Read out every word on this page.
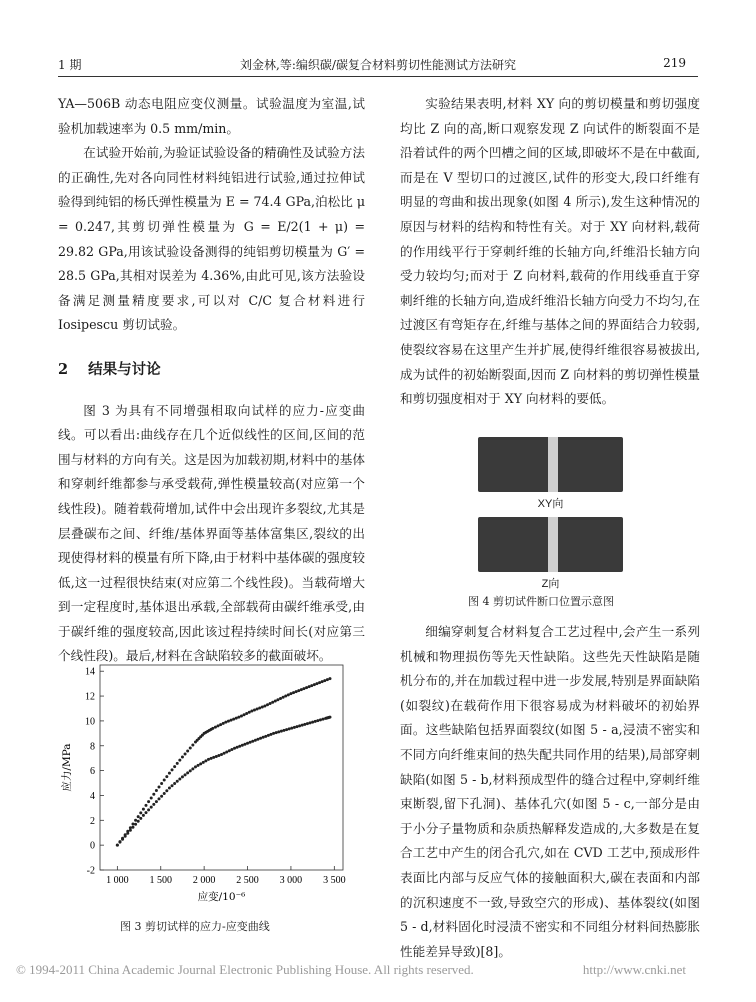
1 期	刘金林,等:编织碳/碳复合材料剪切性能测试方法研究	219

YA—506B 动态电阻应变仪测量。试验温度为室温,试验机加载速率为 0.5 mm/min。

在试验开始前,为验证试验设备的精确性及试验方法的正确性,先对各向同性材料纯铝进行试验,通过拉伸试验得到纯铝的杨氏弹性模量为 E = 74.4 GPa,泊松比 μ = 0.247,其剪切弹性模量为 G = E/2(1 + μ) = 29.82 GPa,用该试验设备测得的纯铝剪切模量为 G′ = 28.5 GPa,其相对误差为 4.36%,由此可见,该方法验设备满足测量精度要求,可以对 C/C 复合材料进行 Iosipescu 剪切试验。

2 结果与讨论

图 3 为具有不同增强相取向试样的应力-应变曲线。可以看出:曲线存在几个近似线性的区间,区间的范围与材料的方向有关。这是因为加载初期,材料中的基体和穿刺纤维都参与承受载荷,弹性模量较高(对应第一个线性段)。随着载荷增加,试件中会出现许多裂纹,尤其是层叠碳布之间、纤维/基体界面等基体富集区,裂纹的出现使得材料的模量有所下降,由于材料中基体碳的强度较低,这一过程很快结束(对应第二个线性段)。当载荷增大到一定程度时,基体退出承载,全部载荷由碳纤维承受,由于碳纤维的强度较高,因此该过程持续时间长(对应第三个线性段)。最后,材料在含缺陷较多的截面破坏。

1 000 1 500 2 000 2 500 3 000 3 500
-2
0
2
4
6
8
10
12
14
应变/10⁻⁶
应力/MPa
图 3 剪切试样的应力-应变曲线

实验结果表明,材料 XY 向的剪切模量和剪切强度均比 Z 向的高,断口观察发现 Z 向试件的断裂面不是沿着试件的两个凹槽之间的区域,即破坏不是在中截面,而是在 V 型切口的过渡区,试件的形变大,段口纤维有明显的弯曲和拔出现象(如图 4 所示),发生这种情况的原因与材料的结构和特性有关。对于 XY 向材料,载荷的作用线平行于穿刺纤维的长轴方向,纤维沿长轴方向受力较均匀;而对于 Z 向材料,载荷的作用线垂直于穿刺纤维的长轴方向,造成纤维沿长轴方向受力不均匀,在过渡区有弯矩存在,纤维与基体之间的界面结合力较弱,使裂纹容易在这里产生并扩展,使得纤维很容易被拔出,成为试件的初始断裂面,因而 Z 向材料的剪切弹性模量和剪切强度相对于 XY 向材料的要低。

XY向
Z向
图 4 剪切试件断口位置示意图

细编穿刺复合材料复合工艺过程中,会产生一系列机械和物理损伤等先天性缺陷。这些先天性缺陷是随机分布的,并在加载过程中进一步发展,特别是界面缺陷(如裂纹)在载荷作用下很容易成为材料破坏的初始界面。这些缺陷包括界面裂纹(如图 5 - a,浸渍不密实和不同方向纤维束间的热失配共同作用的结果),局部穿刺缺陷(如图 5 - b,材料预成型件的缝合过程中,穿刺纤维束断裂,留下孔洞)、基体孔穴(如图 5 - c,一部分是由于小分子量物质和杂质热解释发造成的,大多数是在复合工艺中产生的闭合孔穴,如在 CVD 工艺中,预成形件表面比内部与反应气体的接触面积大,碳在表面和内部的沉积速度不一致,导致空穴的形成)、基体裂纹(如图 5 - d,材料固化时浸渍不密实和不同组分材料间热膨胀性能差异导致)[8]。

© 1994-2011 China Academic Journal Electronic Publishing House. All rights reserved.	http://www.cnki.net
